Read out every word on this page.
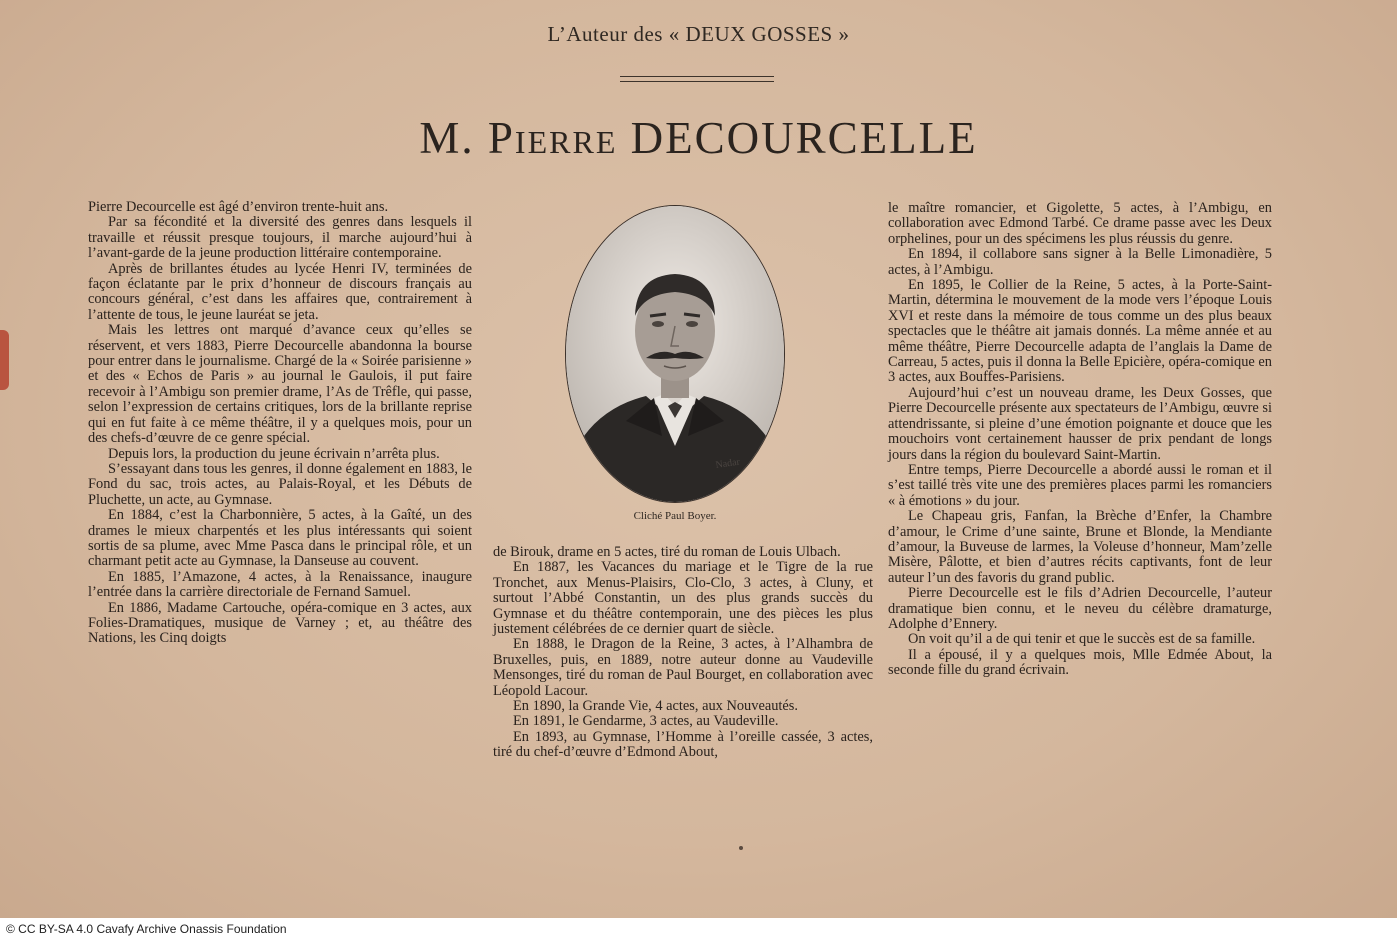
L’Auteur des « DEUX GOSSES »
M. Pierre DECOURCELLE

Pierre Decourcelle est âgé d’environ trente-huit ans.

Par sa fécondité et la diversité des genres dans lesquels il travaille et réussit presque toujours, il marche aujourd’hui à l’avant-garde de la jeune production littéraire contemporaine.

Après de brillantes études au lycée Henri IV, terminées de façon éclatante par le prix d’honneur de discours français au concours général, c’est dans les affaires que, contrairement à l’attente de tous, le jeune lauréat se jeta.

Mais les lettres ont marqué d’avance ceux qu’elles se réservent, et vers 1883, Pierre Decourcelle abandonna la bourse pour entrer dans le journalisme. Chargé de la « Soirée parisienne » et des « Echos de Paris » au journal le Gaulois, il put faire recevoir à l’Ambigu son premier drame, l’As de Trêfle, qui passe, selon l’expression de certains critiques, lors de la brillante reprise qui en fut faite à ce même théâtre, il y a quelques mois, pour un des chefs-d’œuvre de ce genre spécial.

Depuis lors, la production du jeune écrivain n’arrêta plus.

S’essayant dans tous les genres, il donne également en 1883, le Fond du sac, trois actes, au Palais-Royal, et les Débuts de Pluchette, un acte, au Gymnase.

En 1884, c’est la Charbonnière, 5 actes, à la Gaîté, un des drames le mieux charpentés et les plus intéressants qui soient sortis de sa plume, avec Mme Pasca dans le principal rôle, et un charmant petit acte au Gymnase, la Danseuse au couvent.

En 1885, l’Amazone, 4 actes, à la Renaissance, inaugure l’entrée dans la carrière directoriale de Fernand Samuel.

En 1886, Madame Cartouche, opéra-comique en 3 actes, aux Folies-Dramatiques, musique de Varney ; et, au théâtre des Nations, les Cinq doigts

Nadar
Cliché Paul Boyer.

de Birouk, drame en 5 actes, tiré du roman de Louis Ulbach.

En 1887, les Vacances du mariage et le Tigre de la rue Tronchet, aux Menus-Plaisirs, Clo-Clo, 3 actes, à Cluny, et surtout l’Abbé Constantin, un des plus grands succès du Gymnase et du théâtre contemporain, une des pièces les plus justement célébrées de ce dernier quart de siècle.

En 1888, le Dragon de la Reine, 3 actes, à l’Alhambra de Bruxelles, puis, en 1889, notre auteur donne au Vaudeville Mensonges, tiré du roman de Paul Bourget, en collaboration avec Léopold Lacour.

En 1890, la Grande Vie, 4 actes, aux Nouveautés.

En 1891, le Gendarme, 3 actes, au Vaudeville.

En 1893, au Gymnase, l’Homme à l’oreille cassée, 3 actes, tiré du chef-d’œuvre d’Edmond About,

le maître romancier, et Gigolette, 5 actes, à l’Ambigu, en collaboration avec Edmond Tarbé. Ce drame passe avec les Deux orphelines, pour un des spécimens les plus réussis du genre.

En 1894, il collabore sans signer à la Belle Limonadière, 5 actes, à l’Ambigu.

En 1895, le Collier de la Reine, 5 actes, à la Porte-Saint-Martin, détermina le mouvement de la mode vers l’époque Louis XVI et reste dans la mémoire de tous comme un des plus beaux spectacles que le théâtre ait jamais donnés. La même année et au même théâtre, Pierre Decourcelle adapta de l’anglais la Dame de Carreau, 5 actes, puis il donna la Belle Epicière, opéra-comique en 3 actes, aux Bouffes-Parisiens.

Aujourd’hui c’est un nouveau drame, les Deux Gosses, que Pierre Decourcelle présente aux spectateurs de l’Ambigu, œuvre si attendrissante, si pleine d’une émotion poignante et douce que les mouchoirs vont certainement hausser de prix pendant de longs jours dans la région du boulevard Saint-Martin.

Entre temps, Pierre Decourcelle a abordé aussi le roman et il s’est taillé très vite une des premières places parmi les romanciers « à émotions » du jour.

Le Chapeau gris, Fanfan, la Brèche d’Enfer, la Chambre d’amour, le Crime d’une sainte, Brune et Blonde, la Mendiante d’amour, la Buveuse de larmes, la Voleuse d’honneur, Mam’zelle Misère, Pâlotte, et bien d’autres récits captivants, font de leur auteur l’un des favoris du grand public.

Pierre Decourcelle est le fils d’Adrien Decourcelle, l’auteur dramatique bien connu, et le neveu du célèbre dramaturge, Adolphe d’Ennery.

On voit qu’il a de qui tenir et que le succès est de sa famille.

Il a épousé, il y a quelques mois, Mlle Edmée About, la seconde fille du grand écrivain.

© CC BY-SA 4.0 Cavafy Archive Onassis Foundation
